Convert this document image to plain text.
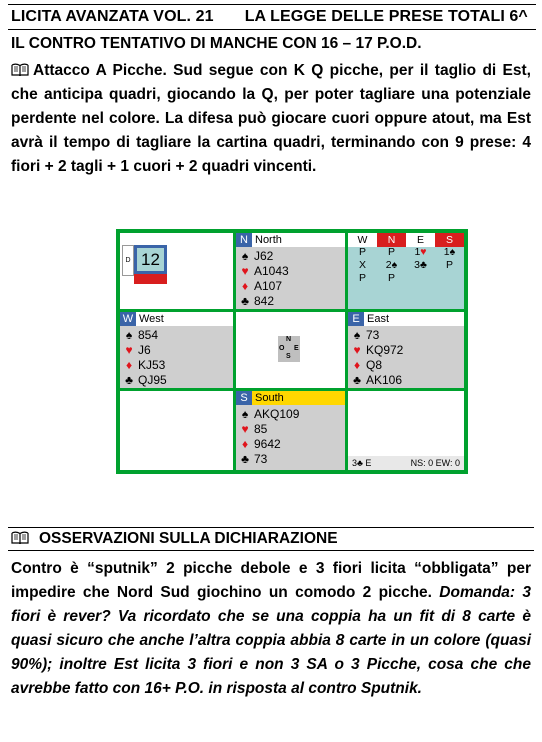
LICITA AVANZATA VOL. 21 LA LEGGE DELLE PRESE TOTALI 6^
IL CONTRO TENTATIVO DI MANCHE CON 16 – 17 P.O.D.
Attacco A Picche. Sud segue con K Q picche, per il taglio di Est, che anticipa quadri, giocando la Q, per poter tagliare una potenziale perdente nel colore. La difesa può giocare cuori oppure atout, ma Est avrà il tempo di tagliare la cartina quadri, terminando con 9 prese: 4 fiori + 2 tagli + 1 cuori + 2 quadri vincenti.
D 12
N North
♠ J62
♥ A1043
♦ A107
♣ 842
W	N	E	S
P	P	1♥	1♠
X	2♠	3♣	P
P	P
W West
♠ 854
♥ J6
♦ KJ53
♣ QJ95
N
O E
S
E East
♠ 73
♥ KQ972
♦ Q8
♣ AK106
S South
♠ AKQ109
♥ 85
♦ 9642
♣ 73	3♣ E	NS: 0 EW: 0
OSSERVAZIONI SULLA DICHIARAZIONE
Contro è “sputnik” 2 picche debole e 3 fiori licita “obbligata” per impedire che Nord Sud giochino un comodo 2 picche. Domanda: 3 fiori è rever? Va ricordato che se una coppia ha un fit di 8 carte è quasi sicuro che anche l’altra coppia abbia 8 carte in un colore (quasi 90%); inoltre Est licita 3 fiori e non 3 SA o 3 Picche, cosa che che avrebbe fatto con 16+ P.O. in risposta al contro Sputnik.
